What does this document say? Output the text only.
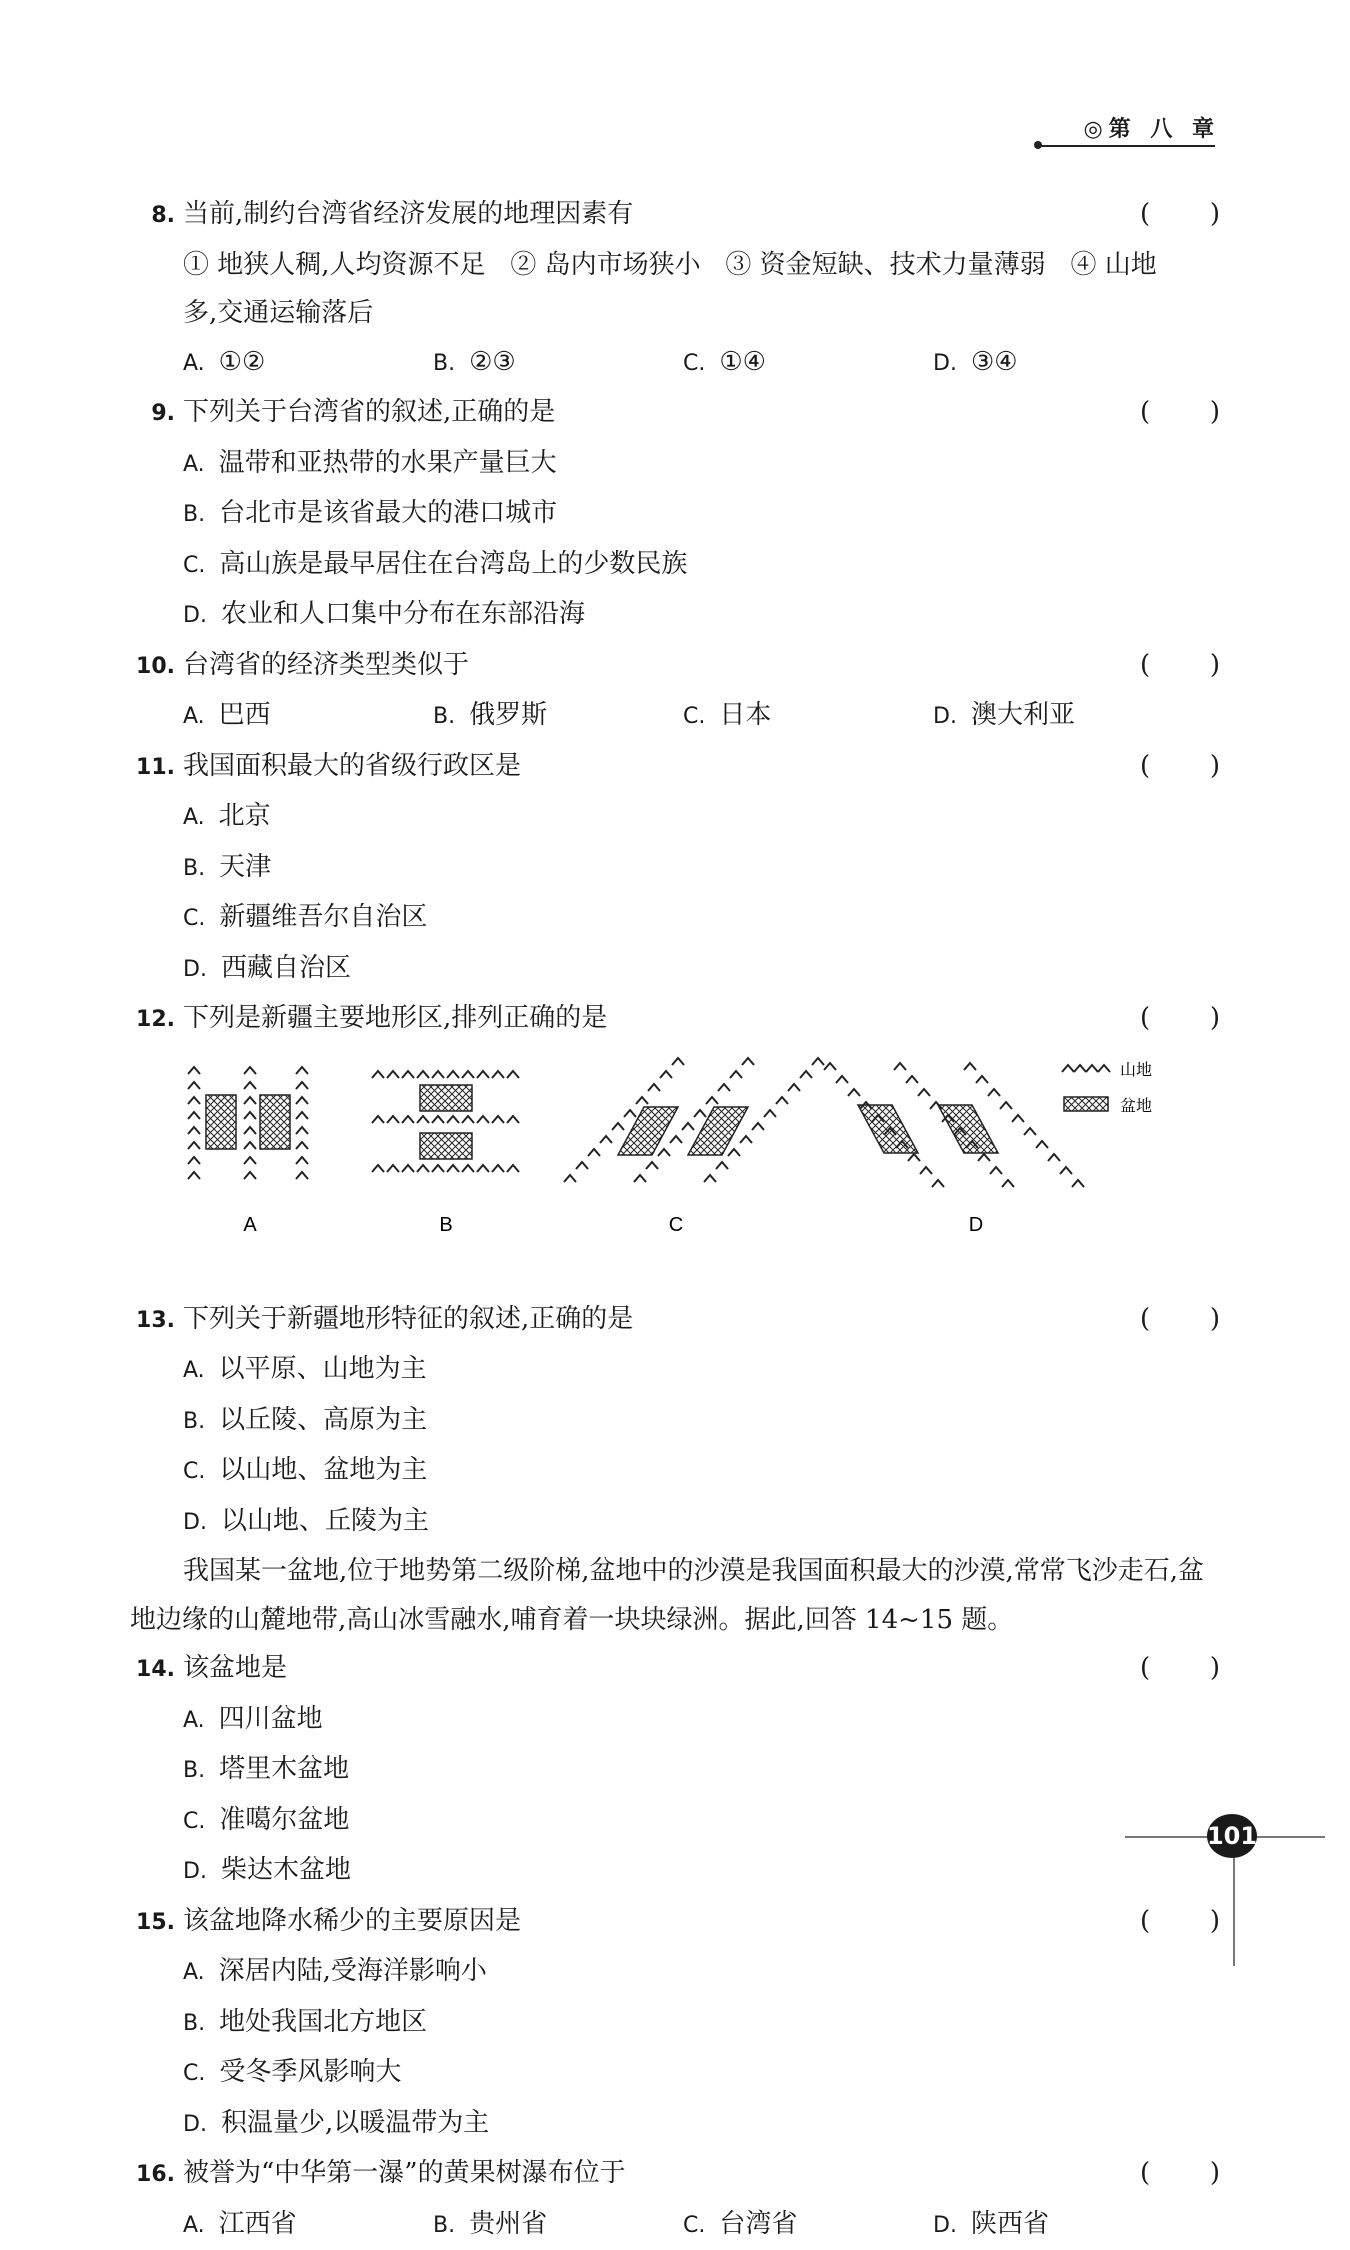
◎第 八 章
8. 当前,制约台湾省经济发展的地理因素有	( )
① 地狭人稠,人均资源不足   ② 岛内市场狭小   ③ 资金短缺、技术力量薄弱   ④ 山地
多,交通运输落后
A. ①②	B. ②③	C. ①④	D. ③④
9. 下列关于台湾省的叙述,正确的是	( )
A. 温带和亚热带的水果产量巨大
B. 台北市是该省最大的港口城市
C. 高山族是最早居住在台湾岛上的少数民族
D. 农业和人口集中分布在东部沿海
10. 台湾省的经济类型类似于	( )
A. 巴西	B. 俄罗斯	C. 日本	D. 澳大利亚
11. 我国面积最大的省级行政区是	( )
A. 北京
B. 天津
C. 新疆维吾尔自治区
D. 西藏自治区
12. 下列是新疆主要地形区,排列正确的是	( )
A	B	C	D
山地
盆地
13. 下列关于新疆地形特征的叙述,正确的是	( )
A. 以平原、山地为主
B. 以丘陵、高原为主
C. 以山地、盆地为主
D. 以山地、丘陵为主
我国某一盆地,位于地势第二级阶梯,盆地中的沙漠是我国面积最大的沙漠,常常飞沙走石,盆地边缘的山麓地带,高山冰雪融水,哺育着一块块绿洲。据此,回答 14~15 题。
14. 该盆地是	( )
A. 四川盆地
B. 塔里木盆地
C. 准噶尔盆地
D. 柴达木盆地
15. 该盆地降水稀少的主要原因是	( )
A. 深居内陆,受海洋影响小
B. 地处我国北方地区
C. 受冬季风影响大
D. 积温量少,以暖温带为主
16. 被誉为“中华第一瀑”的黄果树瀑布位于	( )
A. 江西省	B. 贵州省	C. 台湾省	D. 陕西省
101
